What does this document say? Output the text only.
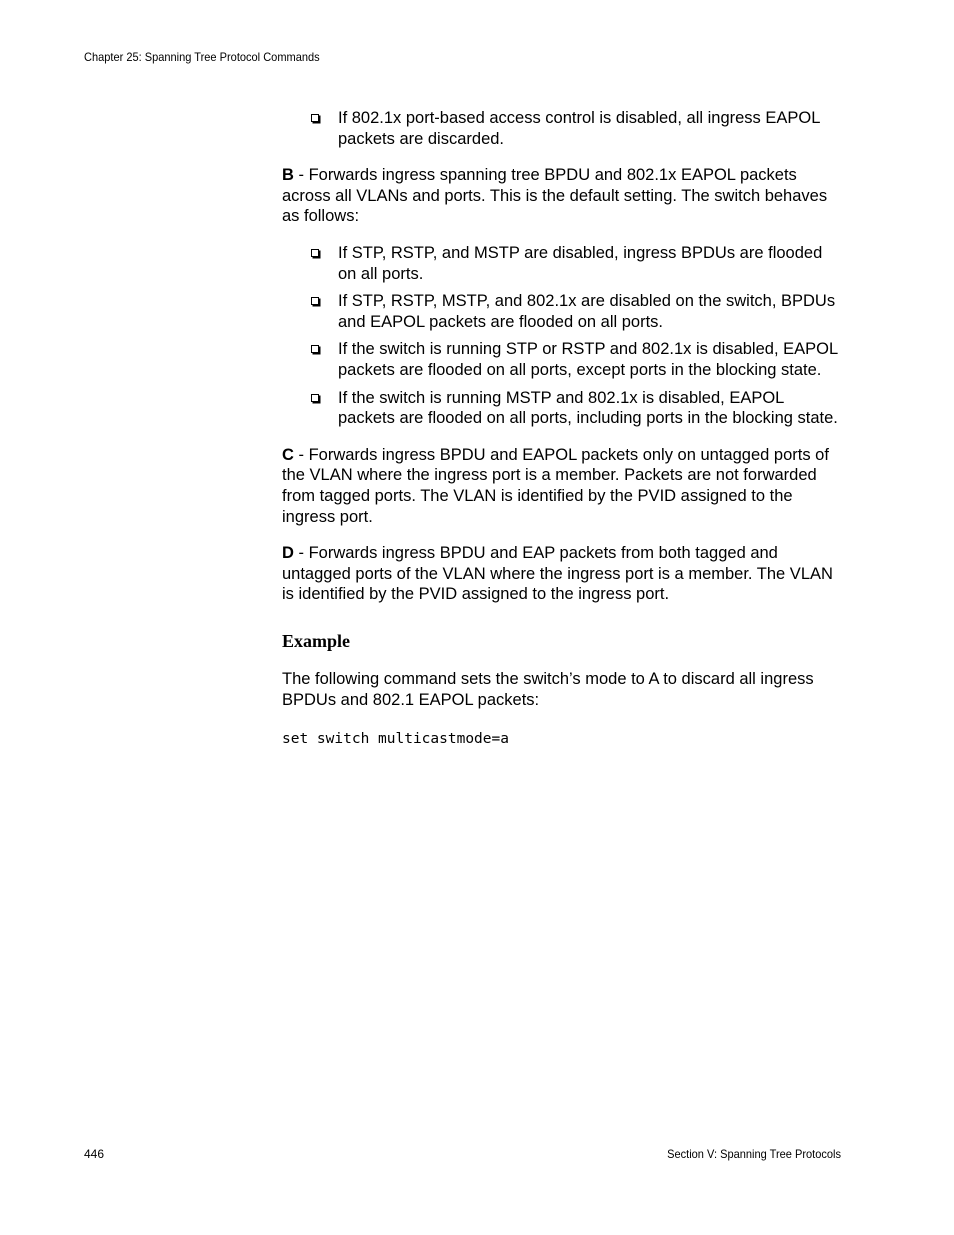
Chapter 25: Spanning Tree Protocol Commands
If 802.1x port-based access control is disabled, all ingress EAPOL packets are discarded.

B - Forwards ingress spanning tree BPDU and 802.1x EAPOL packets across all VLANs and ports. This is the default setting. The switch behaves as follows:

If STP, RSTP, and MSTP are disabled, ingress BPDUs are flooded on all ports.
If STP, RSTP, MSTP, and 802.1x are disabled on the switch, BPDUs and EAPOL packets are flooded on all ports.
If the switch is running STP or RSTP and 802.1x is disabled, EAPOL packets are flooded on all ports, except ports in the blocking state.
If the switch is running MSTP and 802.1x is disabled, EAPOL packets are flooded on all ports, including ports in the blocking state.

C - Forwards ingress BPDU and EAPOL packets only on untagged ports of the VLAN where the ingress port is a member. Packets are not forwarded from tagged ports. The VLAN is identified by the PVID assigned to the ingress port.

D - Forwards ingress BPDU and EAP packets from both tagged and untagged ports of the VLAN where the ingress port is a member. The VLAN is identified by the PVID assigned to the ingress port.

Example

The following command sets the switch’s mode to A to discard all ingress BPDUs and 802.1 EAPOL packets:

set switch multicastmode=a
446	Section V: Spanning Tree Protocols
